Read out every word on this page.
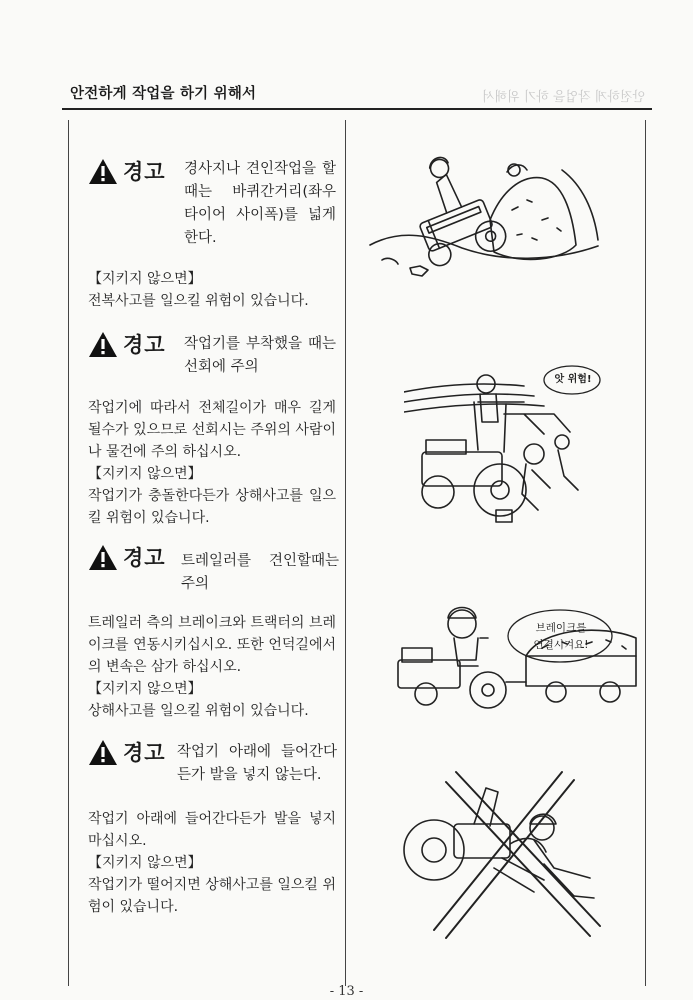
안전하게 작업을 하기 위해서	안전하게 작업을 하기 위해서
경고 경사지나 견인작업을 할 때는 바퀴간거리(좌우 타이어 사이폭)를 넓게 한다.
【지키지 않으면】
전복사고를 일으킬 위험이 있습니다.
경고 작업기를 부착했을 때는 선회에 주의
작업기에 따라서 전체길이가 매우 길게 될수가 있으므로 선회시는 주위의 사람이나 물건에 주의 하십시오.
【지키지 않으면】
작업기가 충돌한다든가 상해사고를 일으킬 위험이 있습니다.
경고 트레일러를 견인할때는 주의
트레일러 측의 브레이크와 트랙터의 브레이크를 연동시키십시오. 또한 언덕길에서의 변속은 삼가 하십시오.
【지키지 않으면】
상해사고를 일으킬 위험이 있습니다.
경고 작업기 아래에 들어간다든가 발을 넣지 않는다.
작업기 아래에 들어간다든가 발을 넣지 마십시오.
【지키지 않으면】
작업기가 떨어지면 상해사고를 일으킬 위험이 있습니다.
앗 위험!
브레이크를
연결시켜요!
- 13 -
